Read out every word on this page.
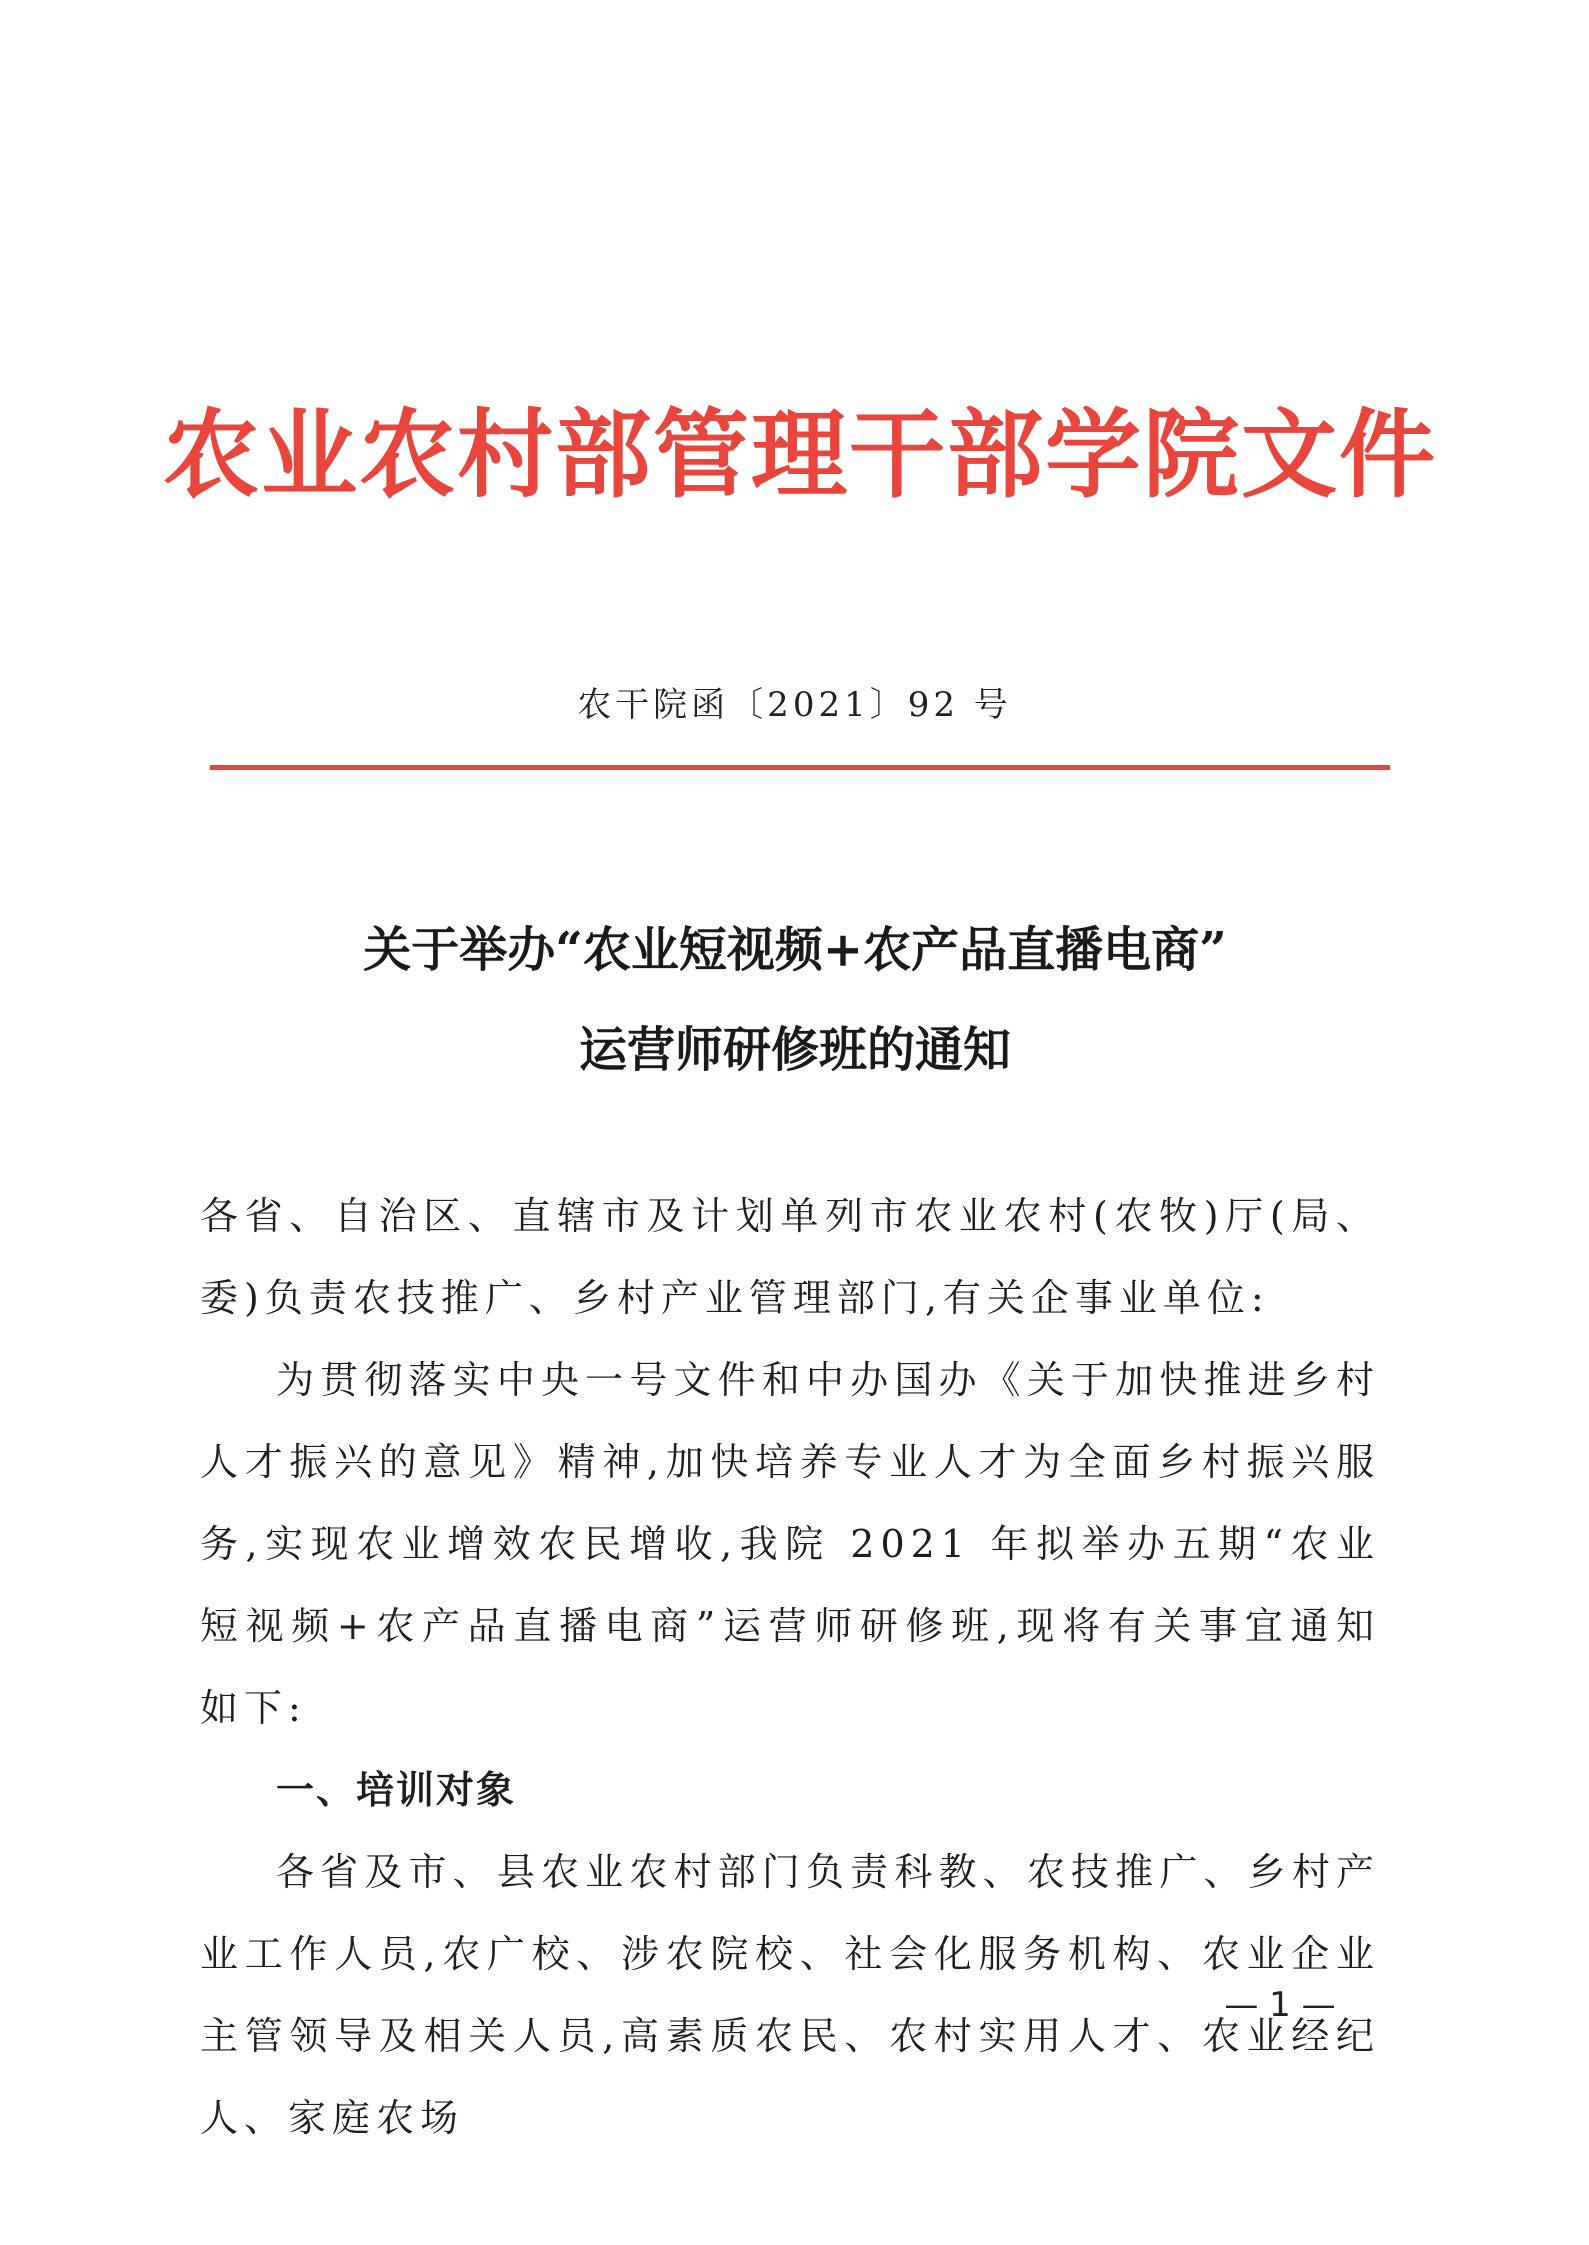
农业农村部管理干部学院文件
农干院函〔2021〕92 号
关于举办“农业短视频+农产品直播电商”
运营师研修班的通知

各省、自治区、直辖市及计划单列市农业农村(农牧)厅(局、委)负责农技推广、乡村产业管理部门,有关企事业单位:

为贯彻落实中央一号文件和中办国办《关于加快推进乡村人才振兴的意见》精神,加快培养专业人才为全面乡村振兴服务,实现农业增效农民增收,我院 2021 年拟举办五期“农业短视频+农产品直播电商”运营师研修班,现将有关事宜通知如下:

一、培训对象

各省及市、县农业农村部门负责科教、农技推广、乡村产业工作人员,农广校、涉农院校、社会化服务机构、农业企业主管领导及相关人员,高素质农民、农村实用人才、农业经纪人、家庭农场

— 1 —
